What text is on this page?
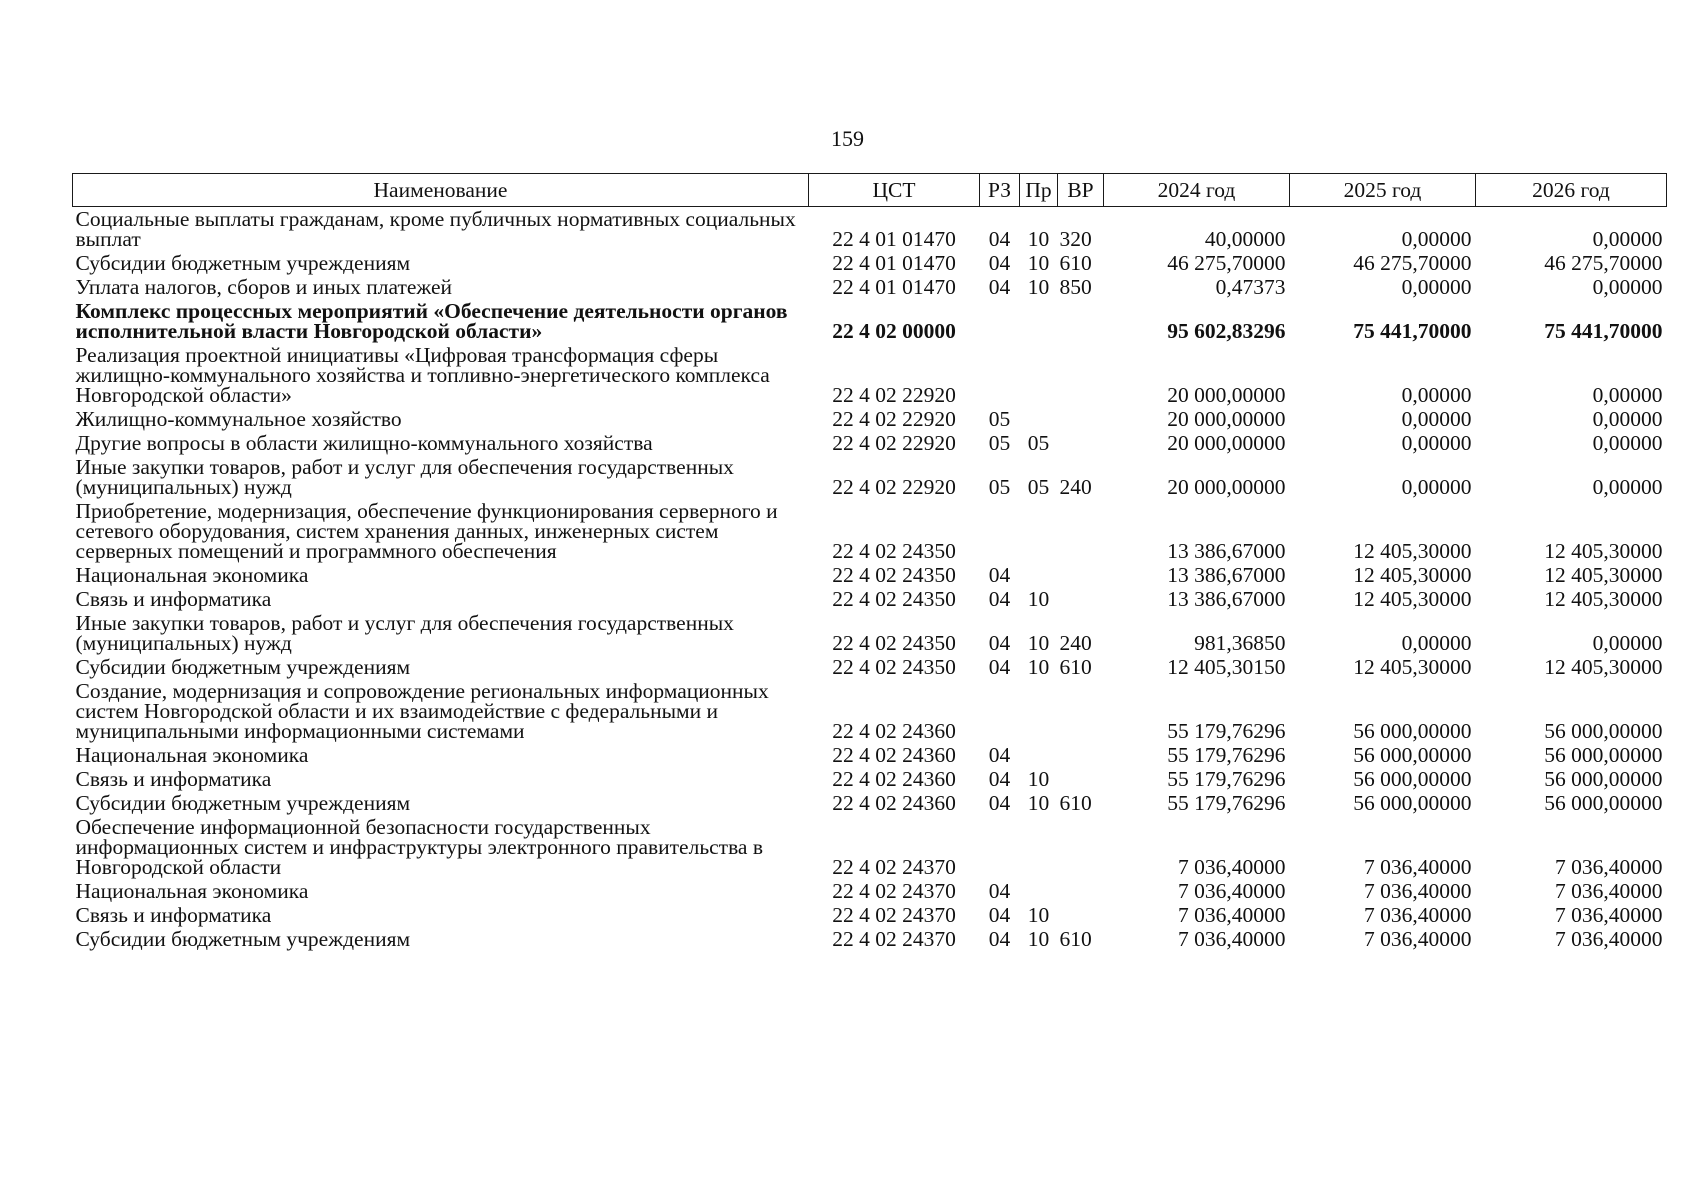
159
Наименование	ЦСТ	РЗ	Пр	ВР	2024 год	2025 год	2026 год
Социальные выплаты гражданам, кроме публичных нормативных социальных выплат	22 4 01 01470	04	10	320	40,00000	0,00000	0,00000
Субсидии бюджетным учреждениям	22 4 01 01470	04	10	610	46 275,70000	46 275,70000	46 275,70000
Уплата налогов, сборов и иных платежей	22 4 01 01470	04	10	850	0,47373	0,00000	0,00000
Комплекс процессных мероприятий «Обеспечение деятельности органов исполнительной власти Новгородской области»	22 4 02 00000				95 602,83296	75 441,70000	75 441,70000
Реализация проектной инициативы «Цифровая трансформация сферы жилищно-коммунального хозяйства и топливно-энергетического комплекса Новгородской области»	22 4 02 22920				20 000,00000	0,00000	0,00000
Жилищно-коммунальное хозяйство	22 4 02 22920	05			20 000,00000	0,00000	0,00000
Другие вопросы в области жилищно-коммунального хозяйства	22 4 02 22920	05	05		20 000,00000	0,00000	0,00000
Иные закупки товаров, работ и услуг для обеспечения государственных (муниципальных) нужд	22 4 02 22920	05	05	240	20 000,00000	0,00000	0,00000
Приобретение, модернизация, обеспечение функционирования серверного и сетевого оборудования, систем хранения данных, инженерных систем серверных помещений и программного обеспечения	22 4 02 24350				13 386,67000	12 405,30000	12 405,30000
Национальная экономика	22 4 02 24350	04			13 386,67000	12 405,30000	12 405,30000
Связь и информатика	22 4 02 24350	04	10		13 386,67000	12 405,30000	12 405,30000
Иные закупки товаров, работ и услуг для обеспечения государственных (муниципальных) нужд	22 4 02 24350	04	10	240	981,36850	0,00000	0,00000
Субсидии бюджетным учреждениям	22 4 02 24350	04	10	610	12 405,30150	12 405,30000	12 405,30000
Создание, модернизация и сопровождение региональных информационных систем Новгородской области и их взаимодействие с федеральными и муниципальными информационными системами	22 4 02 24360				55 179,76296	56 000,00000	56 000,00000
Национальная экономика	22 4 02 24360	04			55 179,76296	56 000,00000	56 000,00000
Связь и информатика	22 4 02 24360	04	10		55 179,76296	56 000,00000	56 000,00000
Субсидии бюджетным учреждениям	22 4 02 24360	04	10	610	55 179,76296	56 000,00000	56 000,00000
Обеспечение информационной безопасности государственных информационных систем и инфраструктуры электронного правительства в Новгородской области	22 4 02 24370				7 036,40000	7 036,40000	7 036,40000
Национальная экономика	22 4 02 24370	04			7 036,40000	7 036,40000	7 036,40000
Связь и информатика	22 4 02 24370	04	10		7 036,40000	7 036,40000	7 036,40000
Субсидии бюджетным учреждениям	22 4 02 24370	04	10	610	7 036,40000	7 036,40000	7 036,40000
